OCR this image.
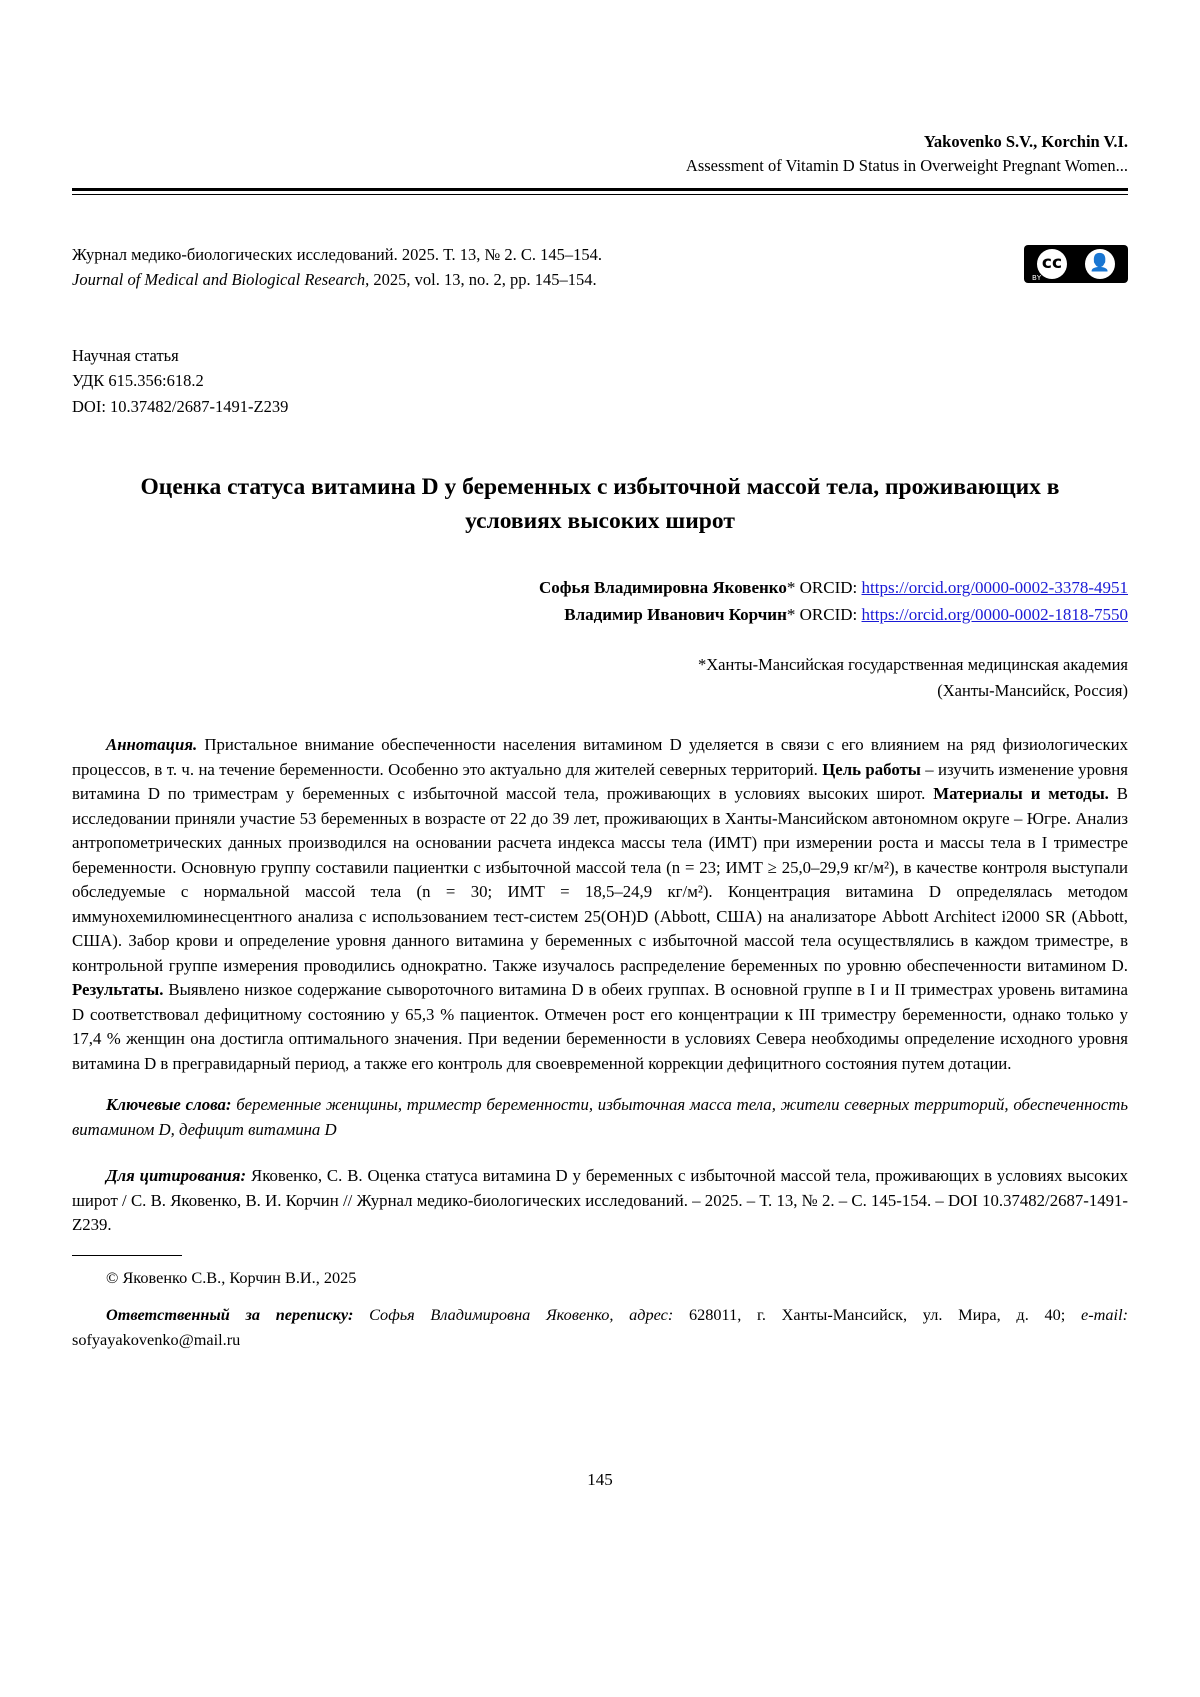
Yakovenko S.V., Korchin V.I.
Assessment of Vitamin D Status in Overweight Pregnant Women...
Журнал медико-биологических исследований. 2025. Т. 13, № 2. С. 145–154.
Journal of Medical and Biological Research, 2025, vol. 13, no. 2, pp. 145–154.
cc 👤
BY
Научная статья
УДК 615.356:618.2
DOI: 10.37482/2687-1491-Z239
Оценка статуса витамина D у беременных с избыточной массой тела, проживающих в условиях высоких широт
Софья Владимировна Яковенко* ORCID: https://orcid.org/0000-0002-3378-4951
Владимир Иванович Корчин* ORCID: https://orcid.org/0000-0002-1818-7550
*Ханты-Мансийская государственная медицинская академия
(Ханты-Мансийск, Россия)

Аннотация. Пристальное внимание обеспеченности населения витамином D уделяется в связи с его влиянием на ряд физиологических процессов, в т. ч. на течение беременности. Особенно это актуально для жителей северных территорий. Цель работы – изучить изменение уровня витамина D по триместрам у беременных с избыточной массой тела, проживающих в условиях высоких широт. Материалы и методы. В исследовании приняли участие 53 беременных в возрасте от 22 до 39 лет, проживающих в Ханты-Мансийском автономном округе – Югре. Анализ антропометрических данных производился на основании расчета индекса массы тела (ИМТ) при измерении роста и массы тела в I триместре беременности. Основную группу составили пациентки с избыточной массой тела (n = 23; ИМТ ≥ 25,0–29,9 кг/м²), в качестве контроля выступали обследуемые с нормальной массой тела (n = 30; ИМТ = 18,5–24,9 кг/м²). Концентрация витамина D определялась методом иммунохемилюминесцентного анализа с использованием тест-систем 25(OH)D (Abbott, США) на анализаторе Abbott Architect i2000 SR (Abbott, США). Забор крови и определение уровня данного витамина у беременных с избыточной массой тела осуществлялись в каждом триместре, в контрольной группе измерения проводились однократно. Также изучалось распределение беременных по уровню обеспеченности витамином D. Результаты. Выявлено низкое содержание сывороточного витамина D в обеих группах. В основной группе в I и II триместрах уровень витамина D соответствовал дефицитному состоянию у 65,3 % пациенток. Отмечен рост его концентрации к III триместру беременности, однако только у 17,4 % женщин она достигла оптимального значения. При ведении беременности в условиях Севера необходимы определение исходного уровня витамина D в прегравидарный период, а также его контроль для своевременной коррекции дефицитного состояния путем дотации.

Ключевые слова: беременные женщины, триместр беременности, избыточная масса тела, жители северных территорий, обеспеченность витамином D, дефицит витамина D

Для цитирования: Яковенко, С. В. Оценка статуса витамина D у беременных с избыточной массой тела, проживающих в условиях высоких широт / С. В. Яковенко, В. И. Корчин // Журнал медико-биологических исследований. – 2025. – Т. 13, № 2. – С. 145-154. – DOI 10.37482/2687-1491-Z239.

© Яковенко С.В., Корчин В.И., 2025

Ответственный за переписку: Софья Владимировна Яковенко, адрес: 628011, г. Ханты-Мансийск, ул. Мира, д. 40; e-mail: sofyayakovenko@mail.ru

145
